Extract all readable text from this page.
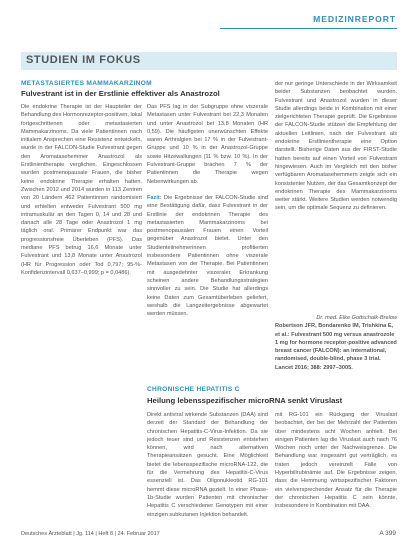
MEDIZINREPORT
STUDIEN IM FOKUS
METASTASIERTES MAMMAKARZINOM
Fulvestrant ist in der Erstlinie effektiver als Anastrozol

Die endokrine Therapie ist der Haupteiler der Behandlung des Hormonrezeptor-positiven, lokal fortgeschrittenen oder metastasierten Mammakarzinoms. Da viele Patientinnen nach initialem Ansprechen eine Resistenz entwickeln, wurde in der FALCON-Studie Fulvestrant gegen den Aromatasehemmer Anastrozol als Erstlinientherapie verglichen. Eingeschlossen wurden postmenopausale Frauen, die bisher keine endokrine Therapie erhalten hatten. Zwischen 2012 und 2014 wurden in 113 Zentren von 20 Ländern 462 Patientinnen randomisiert und erhielten entweder Fulvestrant 500 mg intramuskulär an den Tagen 0, 14 und 28 und danach alle 28 Tage oder Anastrozol 1 mg täglich oral. Primärer Endpunkt war das progressionsfreie Überleben (PFS). Das mediane PFS betrug 16,6 Monate unter Fulvestrant und 13,8 Monate unter Anastrozol (HR für Progression oder Tod 0,797; 95-%-Konfidenzintervall 0,637–0,999; p = 0,0486).

Das PFS lag in der Subgruppe ohne viszerale Metastasen unter Fulvestrant bei 22,3 Monaten und unter Anastrozol bei 13,8 Monaten (HR 0,59). Die häufigsten unerwünschten Effekte waren Arthralgien bei 17 % in der Fulvestrant-Gruppe und 10 % in der Anastrozol-Gruppe sowie Hitzewallungen (11 % bzw. 10 %). In der Fulvestrant-Gruppe brachen 7 % der Patientinnen die Therapie wegen Nebenwirkungen ab.

Fazit: Die Ergebnisse der FALCON-Studie sind eine Bestätigung dafür, dass Fulvestrant in der Erstlinie der endokrinen Therapie des metastasierten Mammakarzinoms bei postmenopausalen Frauen einen Vorteil gegenüber Anastrozol bietet. Unter den Studienteilnehmerinnen profitierten insbesondere Patientinnen ohne viszerale Metastasen von der Therapie. Bei Patientinnen mit ausgedehnter viszeraler Erkrankung scheinen andere Behandlungsstrategien sinnvoller zu sein. Die Studie hat allerdings keine Daten zum Gesamtüberleben geliefert, weshalb die Langzeitergebnisse abgewartet werden müssen.

der nur geringe Unterschiede in der Wirksamkeit beider Substanzen beobachtet wurden. Fulvestrant und Anastrozol wurden in dieser Studie allerdings beide in Kombination mit einer zielgerichteten Therapie geprüft. Die Ergebnisse der FALCON-Studie stützen die Empfehlung der aktuellen Leitlinien, nach der Fulvestrant als endokrine Erstlinientherapie eine Option darstellt. Bisherige Daten aus der FIRST-Studie hatten bereits auf einen Vorteil von Fulvestrant hingewiesen. Auch im Vergleich mit den bisher verfügbaren Aromatasehemmern zeigte sich ein konsistenter Nutzen, der das Gesamtkonzept der endokrinen Therapie des Mammakarzinoms weiter stärkt. Weitere Studien werden notwendig sein, um die optimale Sequenz zu definieren.

Dr. med. Elke Gottschalk-Brelow

Robertson JFR, Bondarenko IM, Trishkina E, et al.: Fulvestrant 500 mg versus anastrozole 1 mg for hormone receptor-positive advanced breast cancer (FALCON): an international, randomised, double-blind, phase 3 trial. Lancet 2016; 388: 2997–3005.

CHRONISCHE HEPATITIS C
Heilung lebensspezifischer microRNA senkt Viruslast

Direkt antiviral wirkende Substanzen (DAA) sind derzeit der Standard der Behandlung der chronischen Hepatitis-C-Virus-Infektion. Da sie jedoch teuer sind und Resistenzen entstehen können, wird nach alternativen Therapieansätzen gesucht. Eine Möglichkeit bietet die lebensspezifische microRNA-122, die für die Vermehrung des Hepatitis-C-Virus essenziell ist. Das Oligonukleotid RG-101 hemmt diese microRNA gezielt. In einer Phase-1b-Studie wurden Patienten mit chronischer Hepatitis C verschiedener Genotypen mit einer einzigen subkutanen Injektion behandelt.

mit RG-101 ein Rückgang der Viruslast beobachtet, der bei der Mehrzahl der Patienten über mindestens acht Wochen anhielt. Bei einigen Patienten lag die Viruslast auch nach 76 Wochen noch unter der Nachweisgrenze. Die Behandlung war insgesamt gut verträglich, es traten jedoch vereinzelt Fälle von Hyperbilirubinämie auf. Die Ergebnisse zeigen, dass die Hemmung wirtsspezifischer Faktoren ein vielversprechender Ansatz für die Therapie der chronischen Hepatitis C sein könnte, insbesondere in Kombination mit DAA.

Deutsches Ärzteblatt | Jg. 114 | Heft 8 | 24. Februar 2017	A 399
